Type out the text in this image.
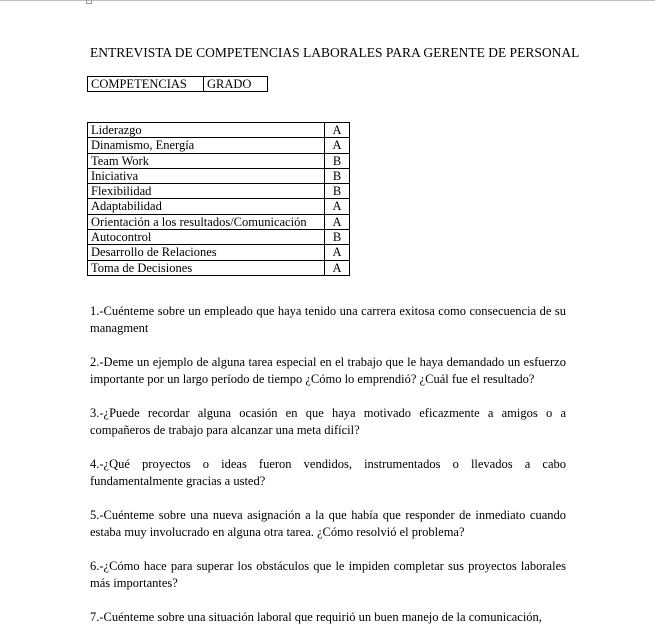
ENTREVISTA DE COMPETENCIAS LABORALES PARA GERENTE DE PERSONAL
COMPETENCIAS	GRADO
Liderazgo	A
Dinamismo, Energía	A
Team Work	B
Iniciativa	B
Flexibilidad	B
Adaptabilidad	A
Orientación a los resultados/Comunicación	A
Autocontrol	B
Desarrollo de Relaciones	A
Toma de Decisiones	A

1.-Cuénteme sobre un empleado que haya tenido una carrera exitosa como consecuencia de su managment

2.-Deme un ejemplo de alguna tarea especial en el trabajo que le haya demandado un esfuerzo importante por un largo período de tiempo ¿Cómo lo emprendió? ¿Cuál fue el resultado?

3.-¿Puede recordar alguna ocasión en que haya motivado eficazmente a amigos o a compañeros de trabajo para alcanzar una meta difícil?

4.-¿Qué proyectos o ideas fueron vendidos, instrumentados o llevados a cabo fundamentalmente gracias a usted?

5.-Cuénteme sobre una nueva asignación a la que había que responder de inmediato cuando estaba muy involucrado en alguna otra tarea. ¿Cómo resolvió el problema?

6.-¿Cómo hace para superar los obstáculos que le impiden completar sus proyectos laborales más importantes?

7.-Cuénteme sobre una situación laboral que requirió un buen manejo de la comunicación,
